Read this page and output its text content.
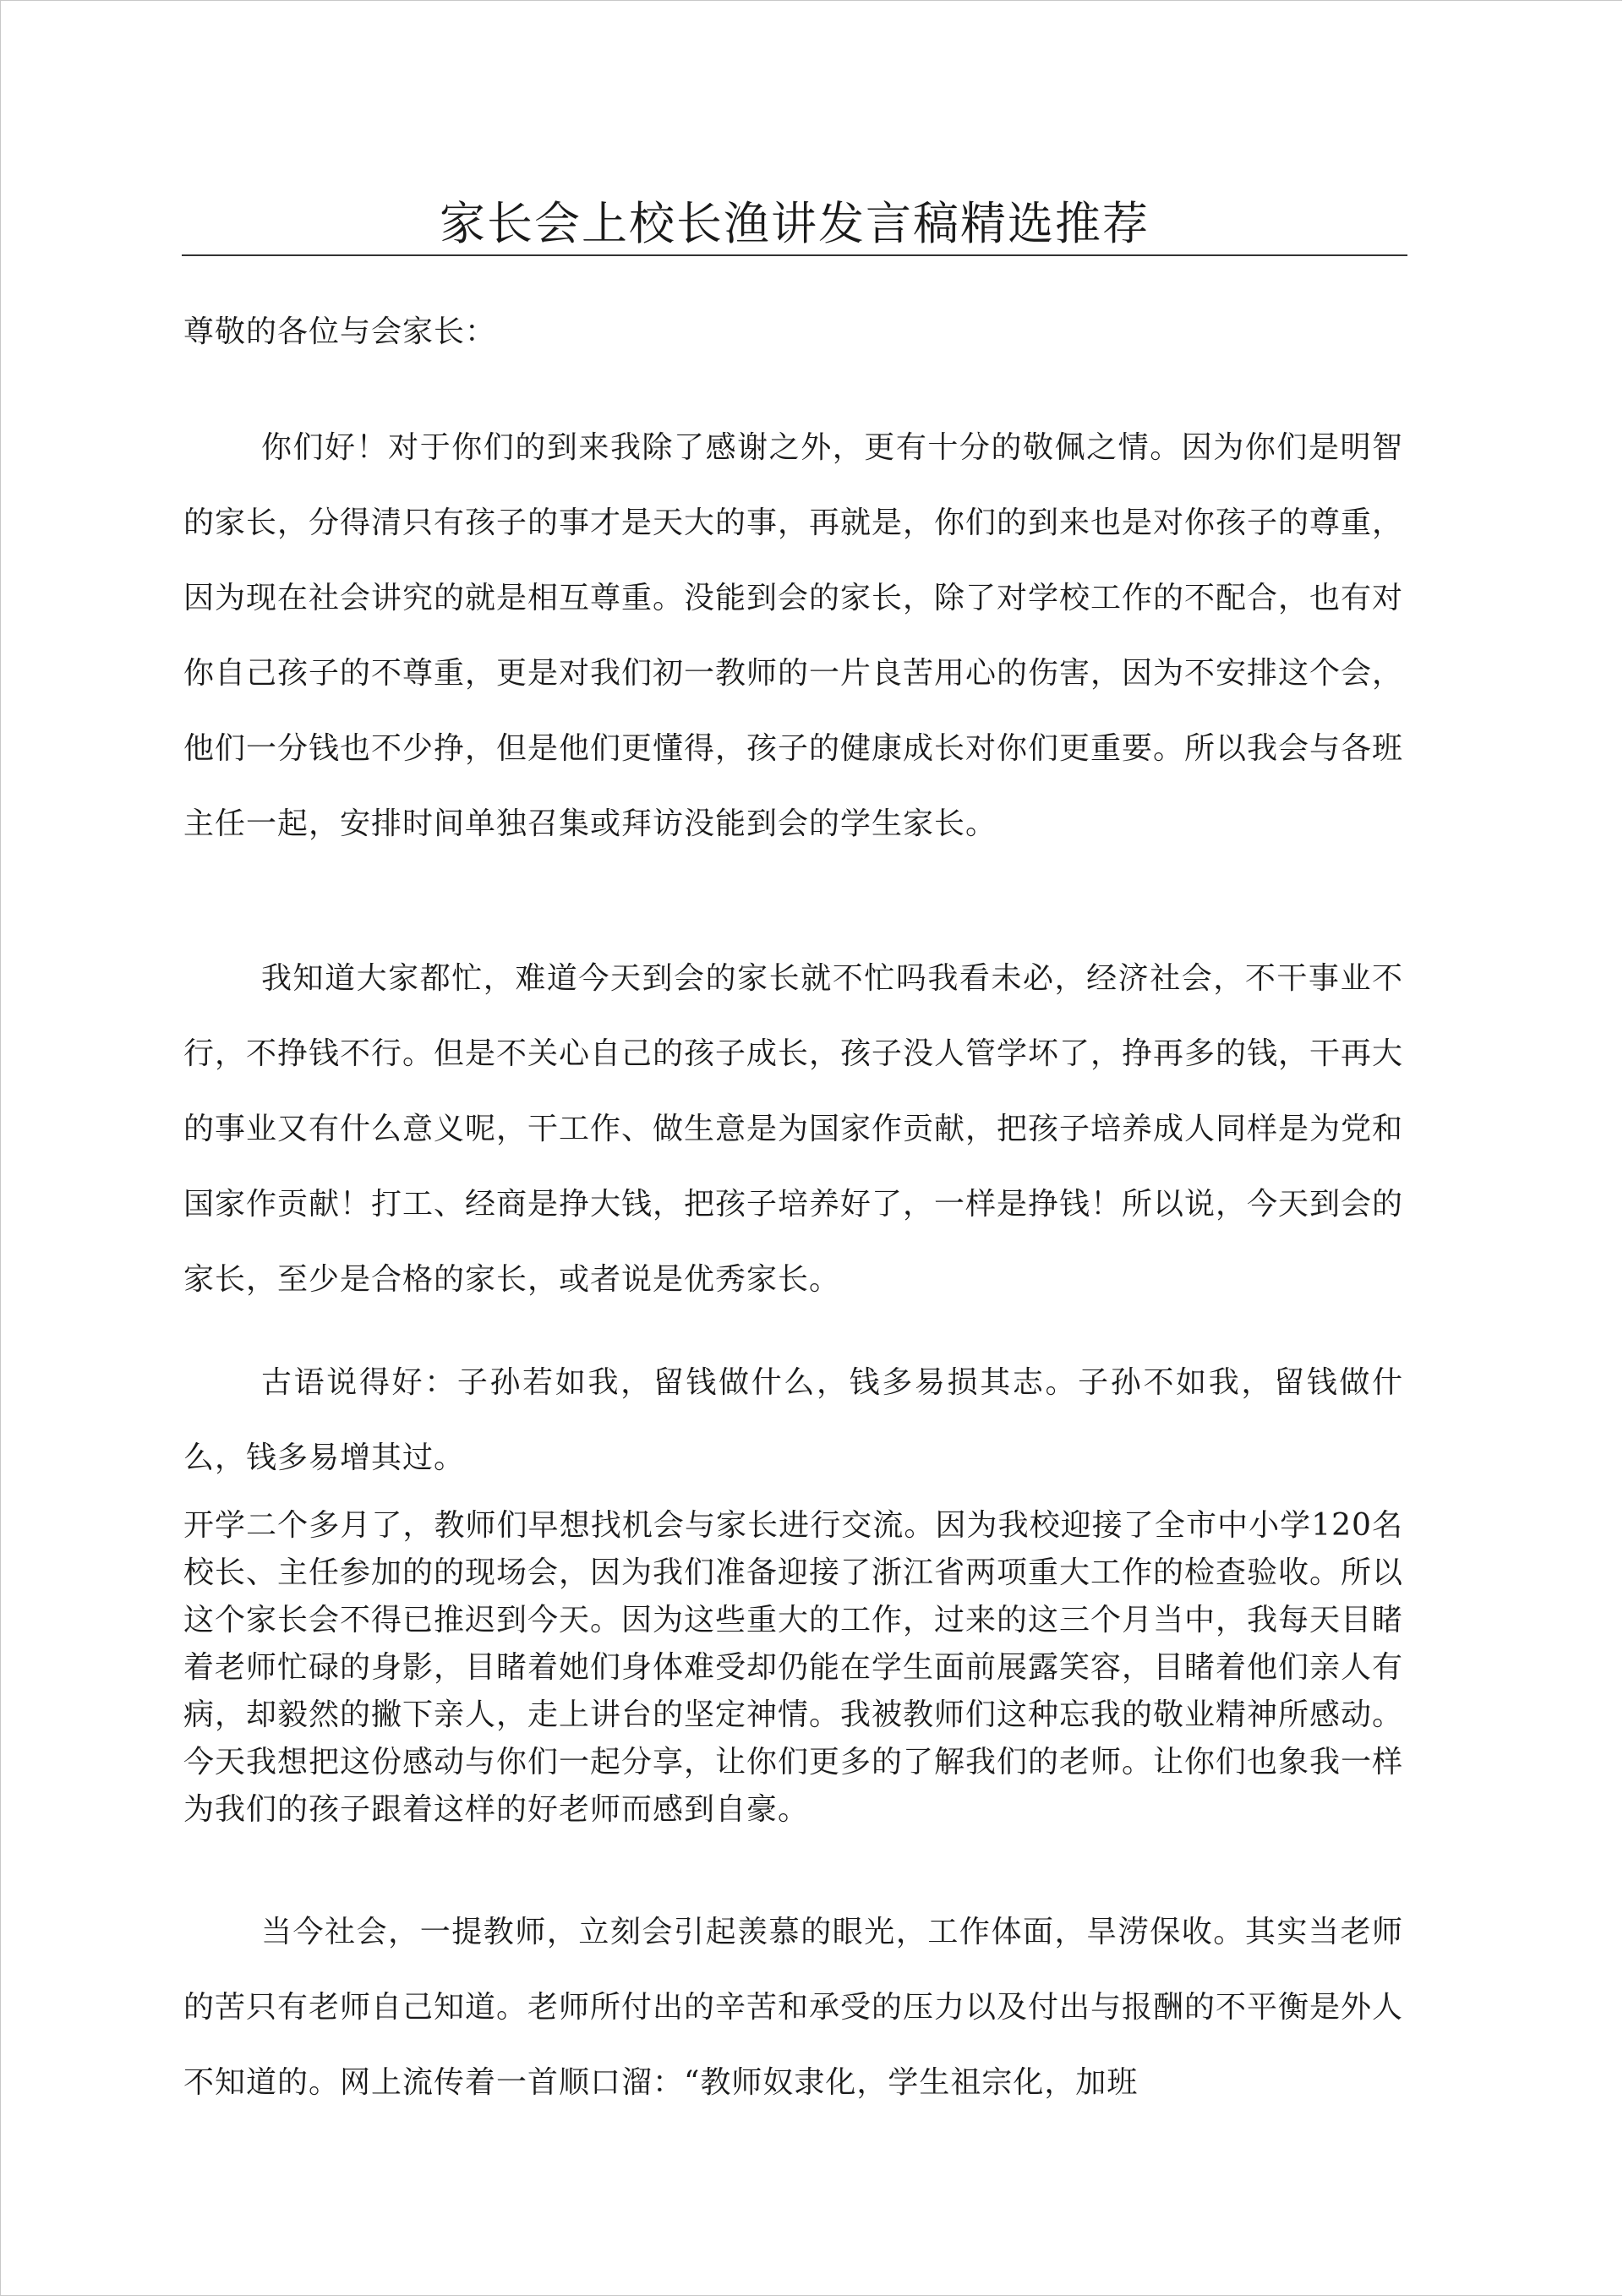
家长会上校长渔讲发言稿精选推荐

尊敬的各位与会家长：

你们好！对于你们的到来我除了感谢之外，更有十分的敬佩之情。因为你们是明智的家长，分得清只有孩子的事才是天大的事，再就是，你们的到来也是对你孩子的尊重，因为现在社会讲究的就是相互尊重。没能到会的家长，除了对学校工作的不配合，也有对你自己孩子的不尊重，更是对我们初一教师的一片良苦用心的伤害，因为不安排这个会，他们一分钱也不少挣，但是他们更懂得，孩子的健康成长对你们更重要。所以我会与各班主任一起，安排时间单独召集或拜访没能到会的学生家长。

我知道大家都忙，难道今天到会的家长就不忙吗我看未必，经济社会，不干事业不行，不挣钱不行。但是不关心自己的孩子成长，孩子没人管学坏了，挣再多的钱，干再大的事业又有什么意义呢，干工作、做生意是为国家作贡献，把孩子培养成人同样是为党和国家作贡献！打工、经商是挣大钱，把孩子培养好了，一样是挣钱！所以说，今天到会的家长，至少是合格的家长，或者说是优秀家长。

古语说得好：子孙若如我，留钱做什么，钱多易损其志。子孙不如我，留钱做什么，钱多易增其过。

开学二个多月了，教师们早想找机会与家长进行交流。因为我校迎接了全市中小学120名校长、主任参加的的现场会，因为我们准备迎接了浙江省两项重大工作的检查验收。所以这个家长会不得已推迟到今天。因为这些重大的工作，过来的这三个月当中，我每天目睹着老师忙碌的身影，目睹着她们身体难受却仍能在学生面前展露笑容，目睹着他们亲人有病，却毅然的撇下亲人，走上讲台的坚定神情。我被教师们这种忘我的敬业精神所感动。今天我想把这份感动与你们一起分享，让你们更多的了解我们的老师。让你们也象我一样为我们的孩子跟着这样的好老师而感到自豪。

当今社会，一提教师，立刻会引起羡慕的眼光，工作体面，旱涝保收。其实当老师的苦只有老师自己知道。老师所付出的辛苦和承受的压力以及付出与报酬的不平衡是外人不知道的。网上流传着一首顺口溜：“教师奴隶化，学生祖宗化，加班
